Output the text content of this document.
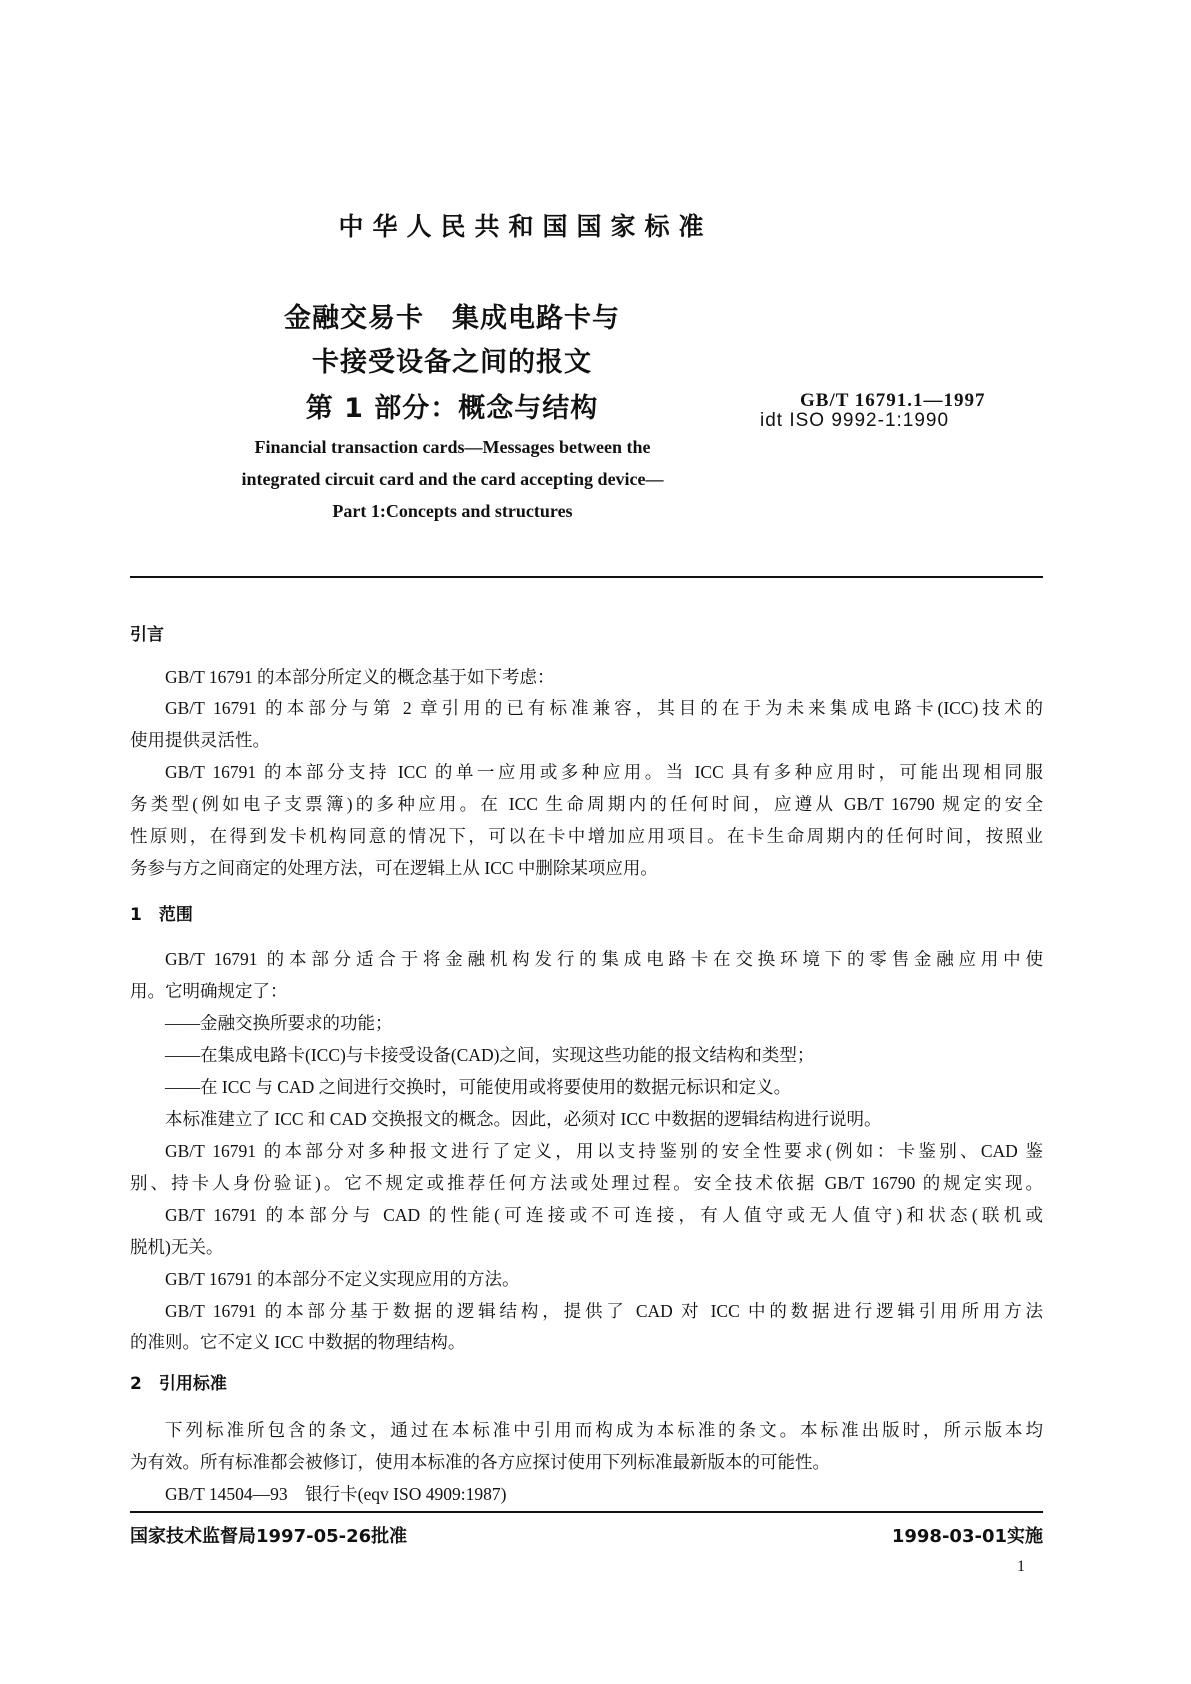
中华人民共和国国家标准
金融交易卡　集成电路卡与
卡接受设备之间的报文
第 1 部分：概念与结构	GB/T 16791.1—1997
idt ISO 9992-1:1990
Financial transaction cards—Messages between the
integrated circuit card and the card accepting device—
Part 1:Concepts and structures
引言
GB/T 16791 的本部分所定义的概念基于如下考虑：
GB/T 16791 的本部分与第 2 章引用的已有标准兼容，其目的在于为未来集成电路卡(ICC)技术的
使用提供灵活性。
GB/T 16791 的本部分支持 ICC 的单一应用或多种应用。当 ICC 具有多种应用时，可能出现相同服
务类型(例如电子支票簿)的多种应用。在 ICC 生命周期内的任何时间，应遵从 GB/T 16790 规定的安全
性原则，在得到发卡机构同意的情况下，可以在卡中增加应用项目。在卡生命周期内的任何时间，按照业
务参与方之间商定的处理方法，可在逻辑上从 ICC 中删除某项应用。
1　范围
GB/T 16791 的本部分适合于将金融机构发行的集成电路卡在交换环境下的零售金融应用中使
用。它明确规定了：
——金融交换所要求的功能；
——在集成电路卡(ICC)与卡接受设备(CAD)之间，实现这些功能的报文结构和类型；
——在 ICC 与 CAD 之间进行交换时，可能使用或将要使用的数据元标识和定义。
本标准建立了 ICC 和 CAD 交换报文的概念。因此，必须对 ICC 中数据的逻辑结构进行说明。
GB/T 16791 的本部分对多种报文进行了定义，用以支持鉴别的安全性要求(例如：卡鉴别、CAD 鉴
别、持卡人身份验证)。它不规定或推荐任何方法或处理过程。安全技术依据 GB/T 16790 的规定实现。
GB/T 16791 的本部分与 CAD 的性能(可连接或不可连接，有人值守或无人值守)和状态(联机或
脱机)无关。
GB/T 16791 的本部分不定义实现应用的方法。
GB/T 16791 的本部分基于数据的逻辑结构，提供了 CAD 对 ICC 中的数据进行逻辑引用所用方法
的准则。它不定义 ICC 中数据的物理结构。
2　引用标准
下列标准所包含的条文，通过在本标准中引用而构成为本标准的条文。本标准出版时，所示版本均
为有效。所有标准都会被修订，使用本标准的各方应探讨使用下列标准最新版本的可能性。
GB/T 14504—93　银行卡(eqv ISO 4909:1987)
国家技术监督局1997-05-26批准	1998-03-01实施
1
